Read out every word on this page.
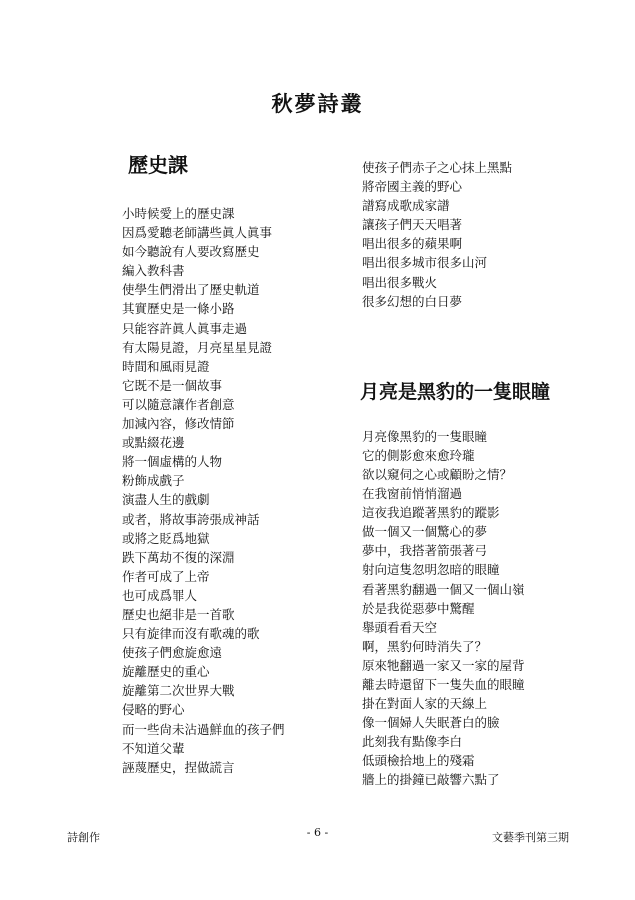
秋夢詩叢
歷史課
小時候愛上的歷史課
因爲愛聽老師講些眞人眞事
如今聽說有人要改寫歷史
編入教科書
使學生們滑出了歷史軌道
其實歷史是一條小路
只能容許眞人眞事走過
有太陽見證，月亮星星見證
時間和風雨見證
它既不是一個故事
可以隨意讓作者創意
加減內容，修改情節
或點綴花邊
將一個虛構的人物
粉飾成戲子
演盡人生的戲劇
或者，將故事誇張成神話
或將之貶爲地獄
跌下萬劫不復的深淵
作者可成了上帝
也可成爲罪人
歷史也絕非是一首歌
只有旋律而沒有歌魂的歌
使孩子們愈旋愈遠
旋離歷史的重心
旋離第二次世界大戰
侵略的野心
而一些尙未沾過鮮血的孩子們
不知道父輩
誣蔑歷史，捏做謊言
使孩子們赤子之心抹上黑點
將帝國主義的野心
譜寫成歌成家譜
讓孩子們天天唱著
唱出很多的蘋果啊
唱出很多城市很多山河
唱出很多戰火
很多幻想的白日夢
月亮是黑豹的一隻眼瞳
月亮像黑豹的一隻眼瞳
它的側影愈來愈玲瓏
欲以窺伺之心或顧盼之情？
在我窗前悄悄溜過
這夜我追蹤著黑豹的蹤影
做一個又一個驚心的夢
夢中，我搭著箭張著弓
射向這隻忽明忽暗的眼瞳
看著黑豹翻過一個又一個山嶺
於是我從惡夢中驚醒
舉頭看看天空
啊，黑豹何時消失了？
原來牠翻過一家又一家的屋背
離去時還留下一隻失血的眼瞳
掛在對面人家的天線上
像一個婦人失眠蒼白的臉
此刻我有點像李白
低頭檢拾地上的殘霜
牆上的掛鐘已敲響六點了
詩創作	- 6 -	文藝季刊第三期
